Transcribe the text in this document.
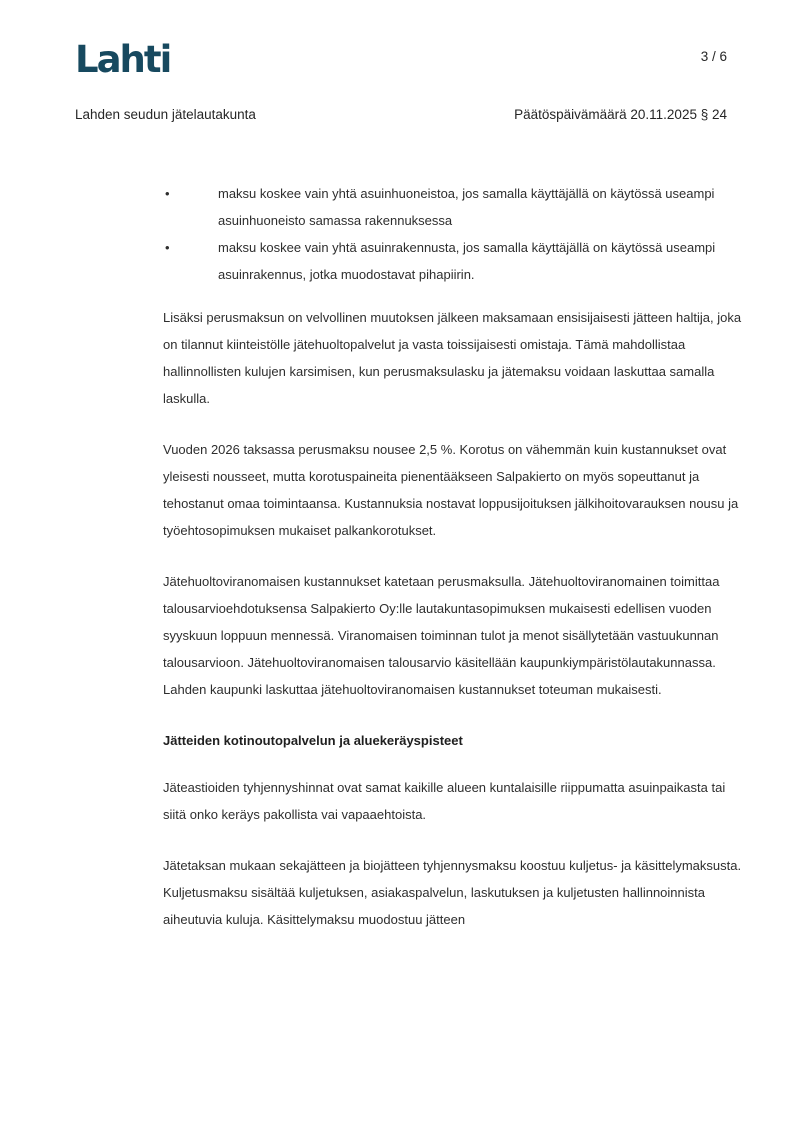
Lahti	3 / 6
Lahden seudun jätelautakunta	Päätöspäivämäärä 20.11.2025 § 24
•	maksu koskee vain yhtä asuinhuoneistoa, jos samalla käyttäjällä on käytössä useampi asuinhuoneisto samassa rakennuksessa
•	maksu koskee vain yhtä asuinrakennusta, jos samalla käyttäjällä on käytössä useampi asuinrakennus, jotka muodostavat pihapiirin.

Lisäksi perusmaksun on velvollinen muutoksen jälkeen maksamaan ensisijaisesti jätteen haltija, joka on tilannut kiinteistölle jätehuoltopalvelut ja vasta toissijaisesti omistaja. Tämä mahdollistaa hallinnollisten kulujen karsimisen, kun perusmaksulasku ja jätemaksu voidaan laskuttaa samalla laskulla.

Vuoden 2026 taksassa perusmaksu nousee 2,5 %. Korotus on vähemmän kuin kustannukset ovat yleisesti nousseet, mutta korotuspaineita pienentääkseen Salpakierto on myös sopeuttanut ja tehostanut omaa toimintaansa. Kustannuksia nostavat loppusijoituksen jälkihoitovarauksen nousu ja työehtosopimuksen mukaiset palkankorotukset.

Jätehuoltoviranomaisen kustannukset katetaan perusmaksulla. Jätehuoltoviranomainen toimittaa talousarvioehdotuksensa Salpakierto Oy:lle lautakuntasopimuksen mukaisesti edellisen vuoden syyskuun loppuun mennessä. Viranomaisen toiminnan tulot ja menot sisällytetään vastuukunnan talousarvioon. Jätehuoltoviranomaisen talousarvio käsitellään kaupunkiympäristölautakunnassa. Lahden kaupunki laskuttaa jätehuoltoviranomaisen kustannukset toteuman mukaisesti.

Jätteiden kotinoutopalvelun ja aluekeräyspisteet

Jäteastioiden tyhjennyshinnat ovat samat kaikille alueen kuntalaisille riippumatta asuinpaikasta tai siitä onko keräys pakollista vai vapaaehtoista.

Jätetaksan mukaan sekajätteen ja biojätteen tyhjennysmaksu koostuu kuljetus- ja käsittelymaksusta. Kuljetusmaksu sisältää kuljetuksen, asiakaspalvelun, laskutuksen ja kuljetusten hallinnoinnista aiheutuvia kuluja. Käsittelymaksu muodostuu jätteen
